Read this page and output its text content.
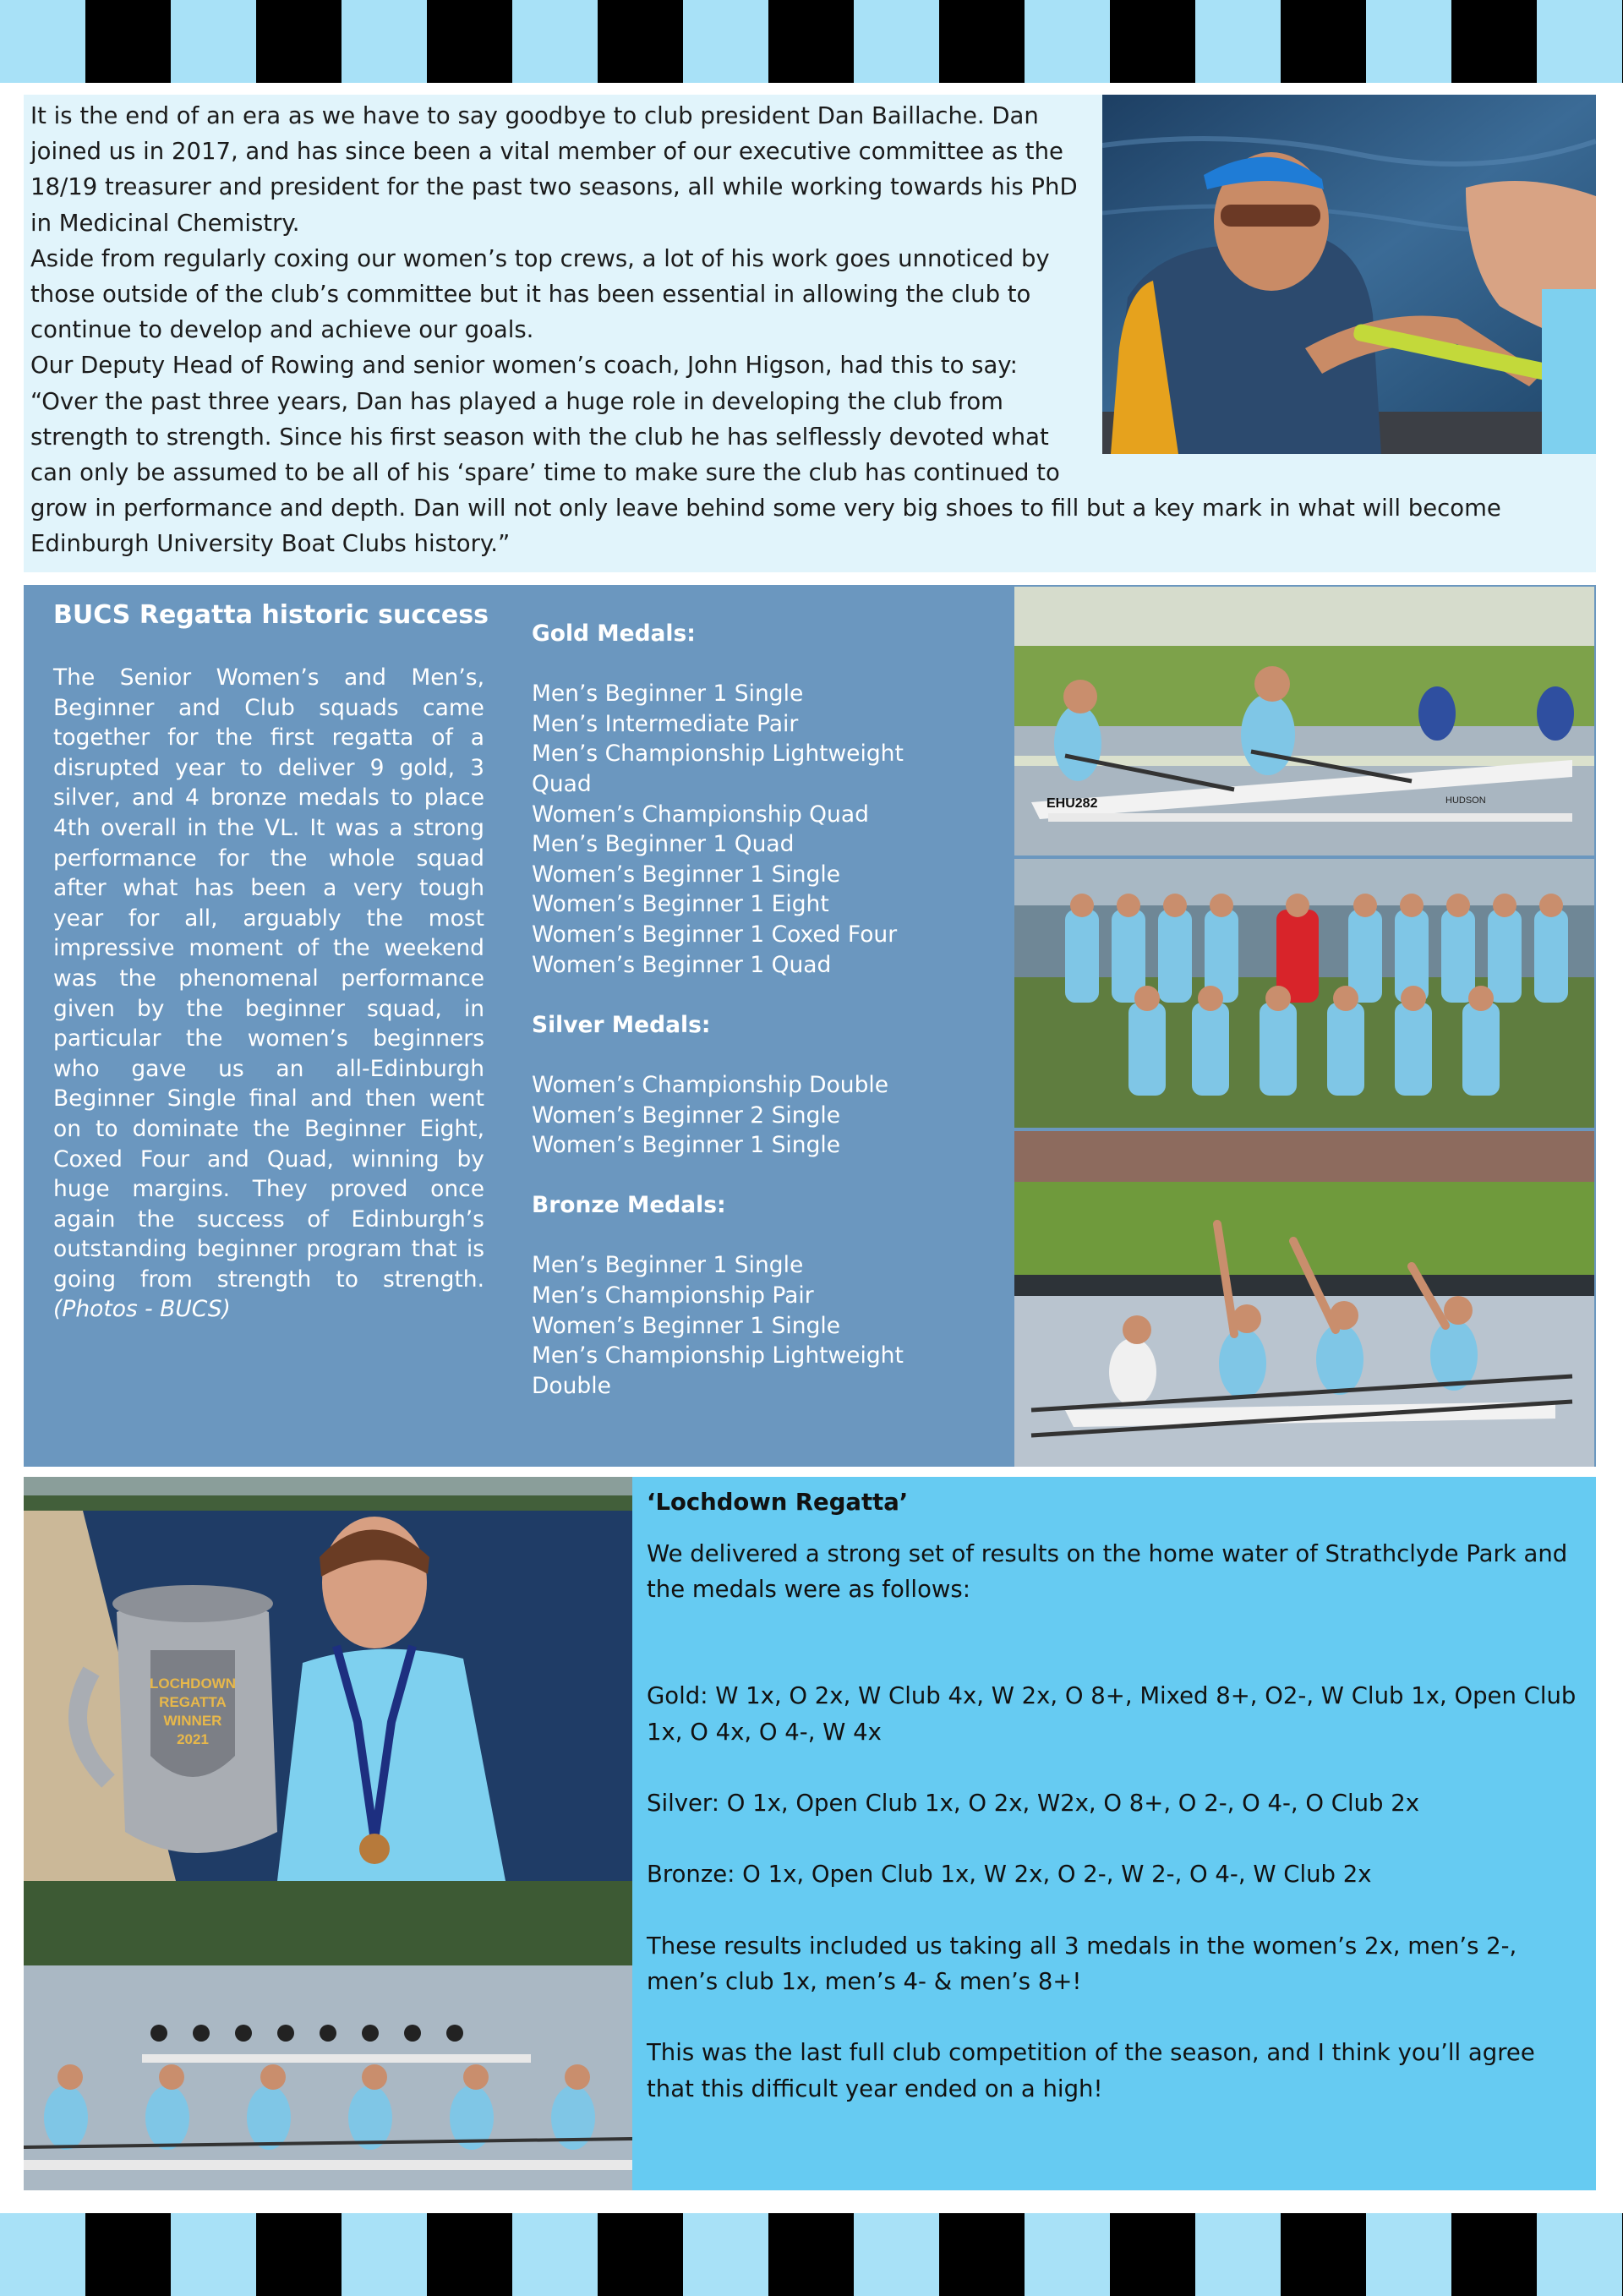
It is the end of an era as we have to say goodbye to club president Dan Baillache. Dan joined us in 2017, and has since been a vital member of our executive committee as the 18/19 treasurer and president for the past two seasons, all while working towards his PhD in Medicinal Chemistry.

Aside from regularly coxing our women’s top crews, a lot of his work goes unnoticed by those outside of the club’s committee but it has been essential in allowing the club to continue to develop and achieve our goals.

Our Deputy Head of Rowing and senior women’s coach, John Higson, had this to say:

“Over the past three years, Dan has played a huge role in developing the club from strength to strength. Since his first season with the club he has selflessly devoted what can only be assumed to be all of his ‘spare’ time to make sure the club has continued to grow in performance and depth. Dan will not only leave behind some very big shoes to fill but a key mark in what will become Edinburgh University Boat Clubs history.”

BUCS Regatta historic success
The Senior Women’s and Men’s, Beginner and Club squads came together for the first regatta of a disrupted year to deliver 9 gold, 3 silver, and 4 bronze medals to place 4th overall in the VL. It was a strong performance for the whole squad after what has been a very tough year for all, arguably the most impressive moment of the weekend was the phenomenal performance given by the beginner squad, in particular the women’s beginners who gave us an all-Edinburgh Beginner Single final and then went on to dominate the Beginner Eight, Coxed Four and Quad, winning by huge margins. They proved once again the success of Edinburgh’s outstanding beginner program that is going from strength to strength. (Photos - BUCS)

Gold Medals:

Men’s Beginner 1 Single
Men’s Intermediate Pair
Men’s Championship Lightweight Quad
Women’s Championship Quad
Men’s Beginner 1 Quad
Women’s Beginner 1 Single
Women’s Beginner 1 Eight
Women’s Beginner 1 Coxed Four
Women’s Beginner 1 Quad

Silver Medals:

Women’s Championship Double
Women’s Beginner 2 Single
Women’s Beginner 1 Single

Bronze Medals:

Men’s Beginner 1 Single
Men’s Championship Pair
Women’s Beginner 1 Single
Men’s Championship Lightweight Double
EHU282	HUDSON
LOCHDOWN
REGATTA
WINNER
2021
‘Lochdown Regatta’

We delivered a strong set of results on the home water of Strathclyde Park and the medals were as follows:

Gold: W 1x, O 2x, W Club 4x, W 2x, O 8+, Mixed 8+, O2-, W Club 1x, Open Club 1x, O 4x, O 4-, W 4x

Silver: O 1x, Open Club 1x, O 2x, W2x, O 8+, O 2-, O 4-, O Club 2x

Bronze: O 1x, Open Club 1x, W 2x, O 2-, W 2-, O 4-, W Club 2x

These results included us taking all 3 medals in the women’s 2x, men’s 2-, men’s club 1x, men’s 4- & men’s 8+!

This was the last full club competition of the season, and I think you’ll agree that this difficult year ended on a high!
